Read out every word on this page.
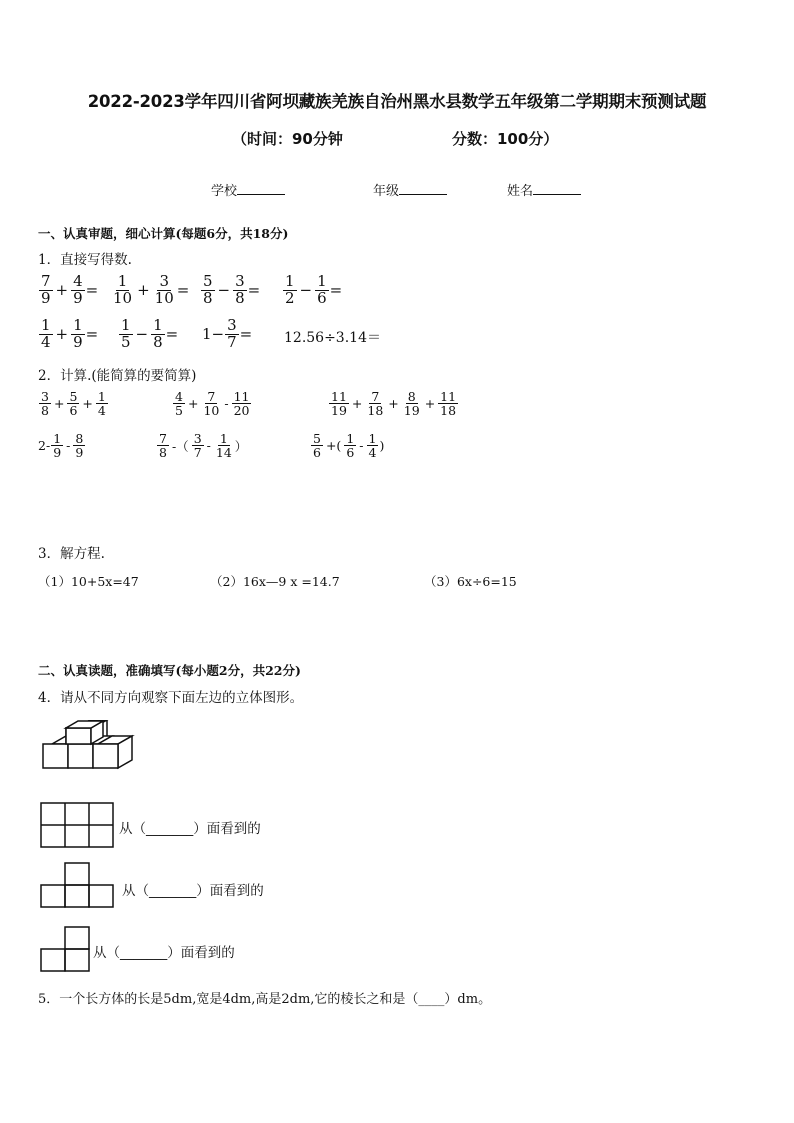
2022-2023学年四川省阿坝藏族羌族自治州黑水县数学五年级第二学期期末预测试题
（时间：90分钟	分数：100分）
学校	年级	姓名
一、认真审题，细心计算(每题6分，共18分)
1．直接写得数.
$\frac{7}{9} + \frac{4}{9} = \frac{1}{10} + \frac{3}{10} = \frac{5}{8} - \frac{3}{8} = \frac{1}{2} - \frac{1}{6}$ =
$\frac{1}{4} + \frac{1}{9} = \frac{1}{5} - \frac{1}{8} = 1- \frac{3}{7} = 12.56\div 3.14=$
2．计算.(能简算的要简算)
$\frac{3}{8} + \frac{5}{6} + \frac{1}{4}$	$\frac{4}{5} + \frac{7}{10} - \frac{11}{20}$	$\frac{11}{19} + \frac{7}{18} + \frac{8}{19} + \frac{11}{18}$
$2- \frac{1}{9} - \frac{8}{9}$	$\frac{7}{8}$ -（ $\frac{3}{7} - \frac{1}{14}$ ）	$\frac{5}{6}$ +( $\frac{1}{6} - \frac{1}{4}$ )
3．解方程.
（1）10+5x=47	（2）16x—9 x =14.7	（3）6x÷6=15
二、认真读题，准确填写(每小题2分，共22分)
4．请从不同方向观察下面左边的立体图形。
从（_______）面看到的
从（_______）面看到的
从（_______）面看到的
5．一个长方体的长是5dm,宽是4dm,高是2dm,它的棱长之和是（____）dm。
